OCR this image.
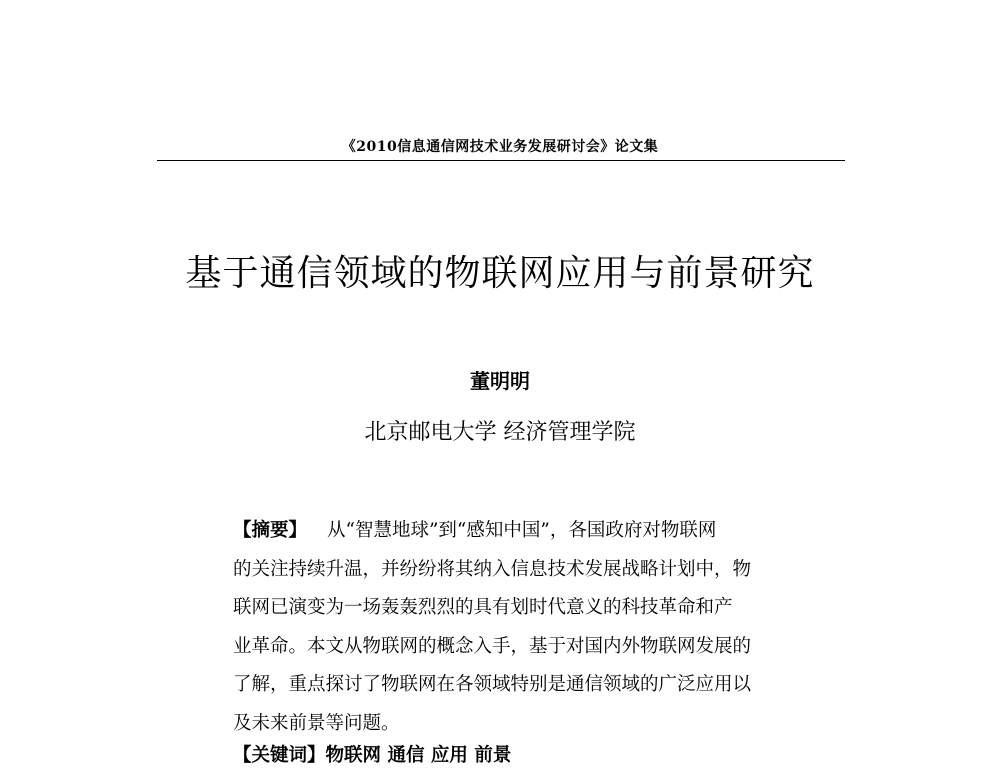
《2010信息通信网技术业务发展研讨会》论文集
基于通信领域的物联网应用与前景研究
董明明
北京邮电大学 经济管理学院
【摘要】 从“智慧地球”到“感知中国”，各国政府对物联网
的关注持续升温，并纷纷将其纳入信息技术发展战略计划中，物
联网已演变为一场轰轰烈烈的具有划时代意义的科技革命和产
业革命。本文从物联网的概念入手，基于对国内外物联网发展的
了解，重点探讨了物联网在各领域特别是通信领域的广泛应用以
及未来前景等问题。
【关键词】物联网 通信 应用 前景
